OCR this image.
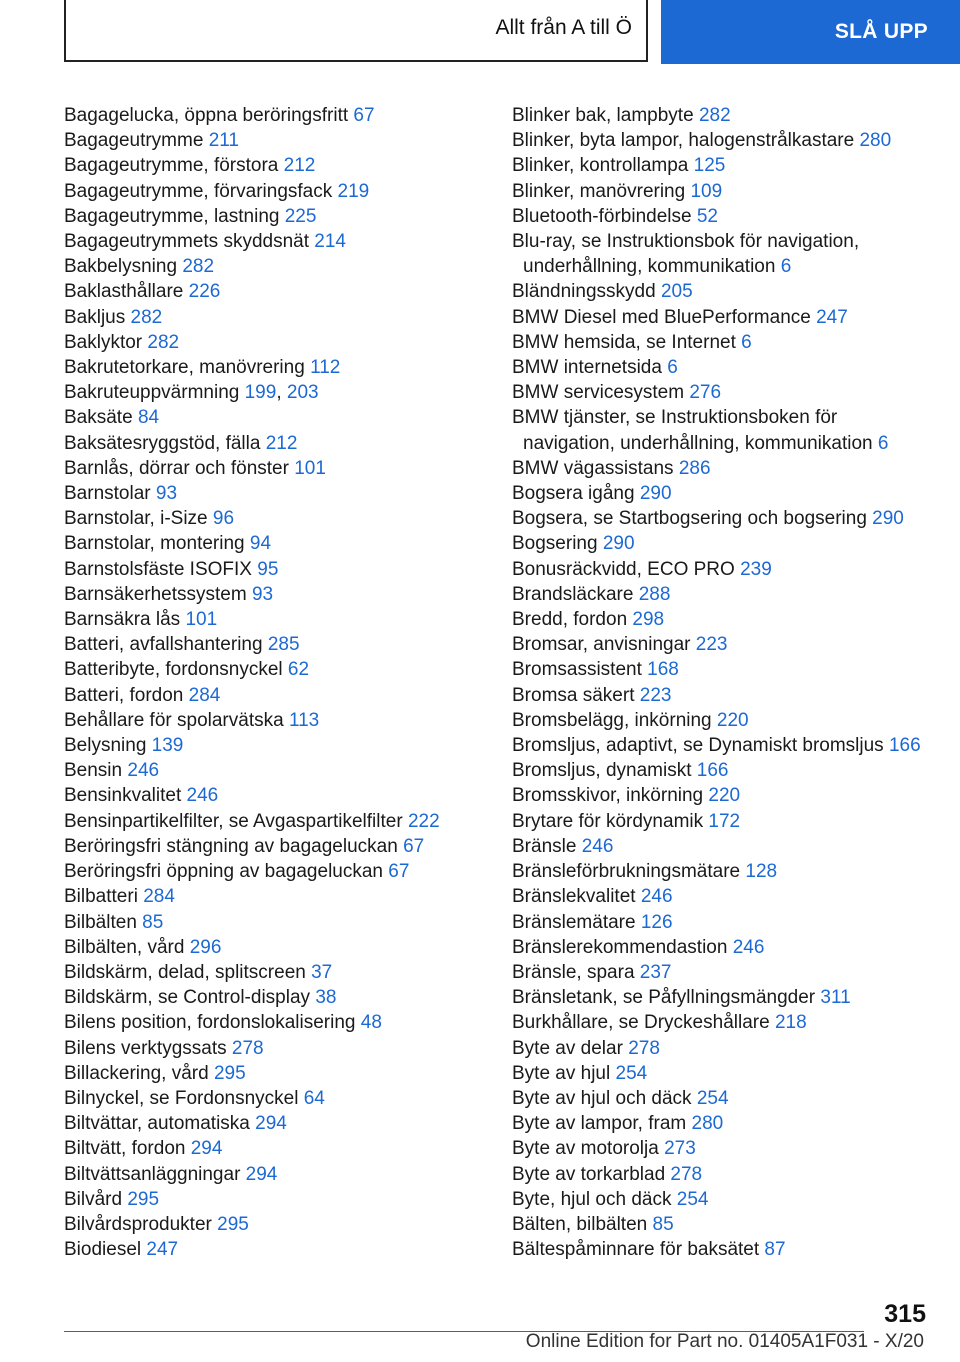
Allt från A till Ö	SLÅ UPP
Bagagelucka, öppna beröringsfritt 67
Bagageutrymme 211
Bagageutrymme, förstora 212
Bagageutrymme, förvaringsfack 219
Bagageutrymme, lastning 225
Bagageutrymmets skyddsnät 214
Bakbelysning 282
Baklasthållare 226
Bakljus 282
Baklyktor 282
Bakrutetorkare, manövrering 112
Bakruteuppvärmning 199, 203
Baksäte 84
Baksätesryggstöd, fälla 212
Barnlås, dörrar och fönster 101
Barnstolar 93
Barnstolar, i-Size 96
Barnstolar, montering 94
Barnstolsfäste ISOFIX 95
Barnsäkerhetssystem 93
Barnsäkra lås 101
Batteri, avfallshantering 285
Batteribyte, fordonsnyckel 62
Batteri, fordon 284
Behållare för spolarvätska 113
Belysning 139
Bensin 246
Bensinkvalitet 246
Bensinpartikelfilter, se Avgaspartikelfilter 222
Beröringsfri stängning av bagageluckan 67
Beröringsfri öppning av bagageluckan 67
Bilbatteri 284
Bilbälten 85
Bilbälten, vård 296
Bildskärm, delad, splitscreen 37
Bildskärm, se Control-display 38
Bilens position, fordonslokalisering 48
Bilens verktygssats 278
Billackering, vård 295
Bilnyckel, se Fordonsnyckel 64
Biltvättar, automatiska 294
Biltvätt, fordon 294
Biltvättsanläggningar 294
Bilvård 295
Bilvårdsprodukter 295
Biodiesel 247
Blinker bak, lampbyte 282
Blinker, byta lampor, halogenstrålkastare 280
Blinker, kontrollampa 125
Blinker, manövrering 109
Bluetooth-förbindelse 52
Blu-ray, se Instruktionsbok för navigation, underhållning, kommunikation 6
Bländningsskydd 205
BMW Diesel med BluePerformance 247
BMW hemsida, se Internet 6
BMW internetsida 6
BMW servicesystem 276
BMW tjänster, se Instruktionsboken för navigation, underhållning, kommunikation 6
BMW vägassistans 286
Bogsera igång 290
Bogsera, se Startbogsering och bogsering 290
Bogsering 290
Bonusräckvidd, ECO PRO 239
Brandsläckare 288
Bredd, fordon 298
Bromsar, anvisningar 223
Bromsassistent 168
Bromsa säkert 223
Bromsbelägg, inkörning 220
Bromsljus, adaptivt, se Dynamiskt bromsljus 166
Bromsljus, dynamiskt 166
Bromsskivor, inkörning 220
Brytare för kördynamik 172
Bränsle 246
Bränsleförbrukningsmätare 128
Bränslekvalitet 246
Bränslemätare 126
Bränslerekommendastion 246
Bränsle, spara 237
Bränsletank, se Påfyllningsmängder 311
Burkhållare, se Dryckeshållare 218
Byte av delar 278
Byte av hjul 254
Byte av hjul och däck 254
Byte av lampor, fram 280
Byte av motorolja 273
Byte av torkarblad 278
Byte, hjul och däck 254
Bälten, bilbälten 85
Bältespåminnare för baksätet 87
315
Online Edition for Part no. 01405A1F031 - X/20
